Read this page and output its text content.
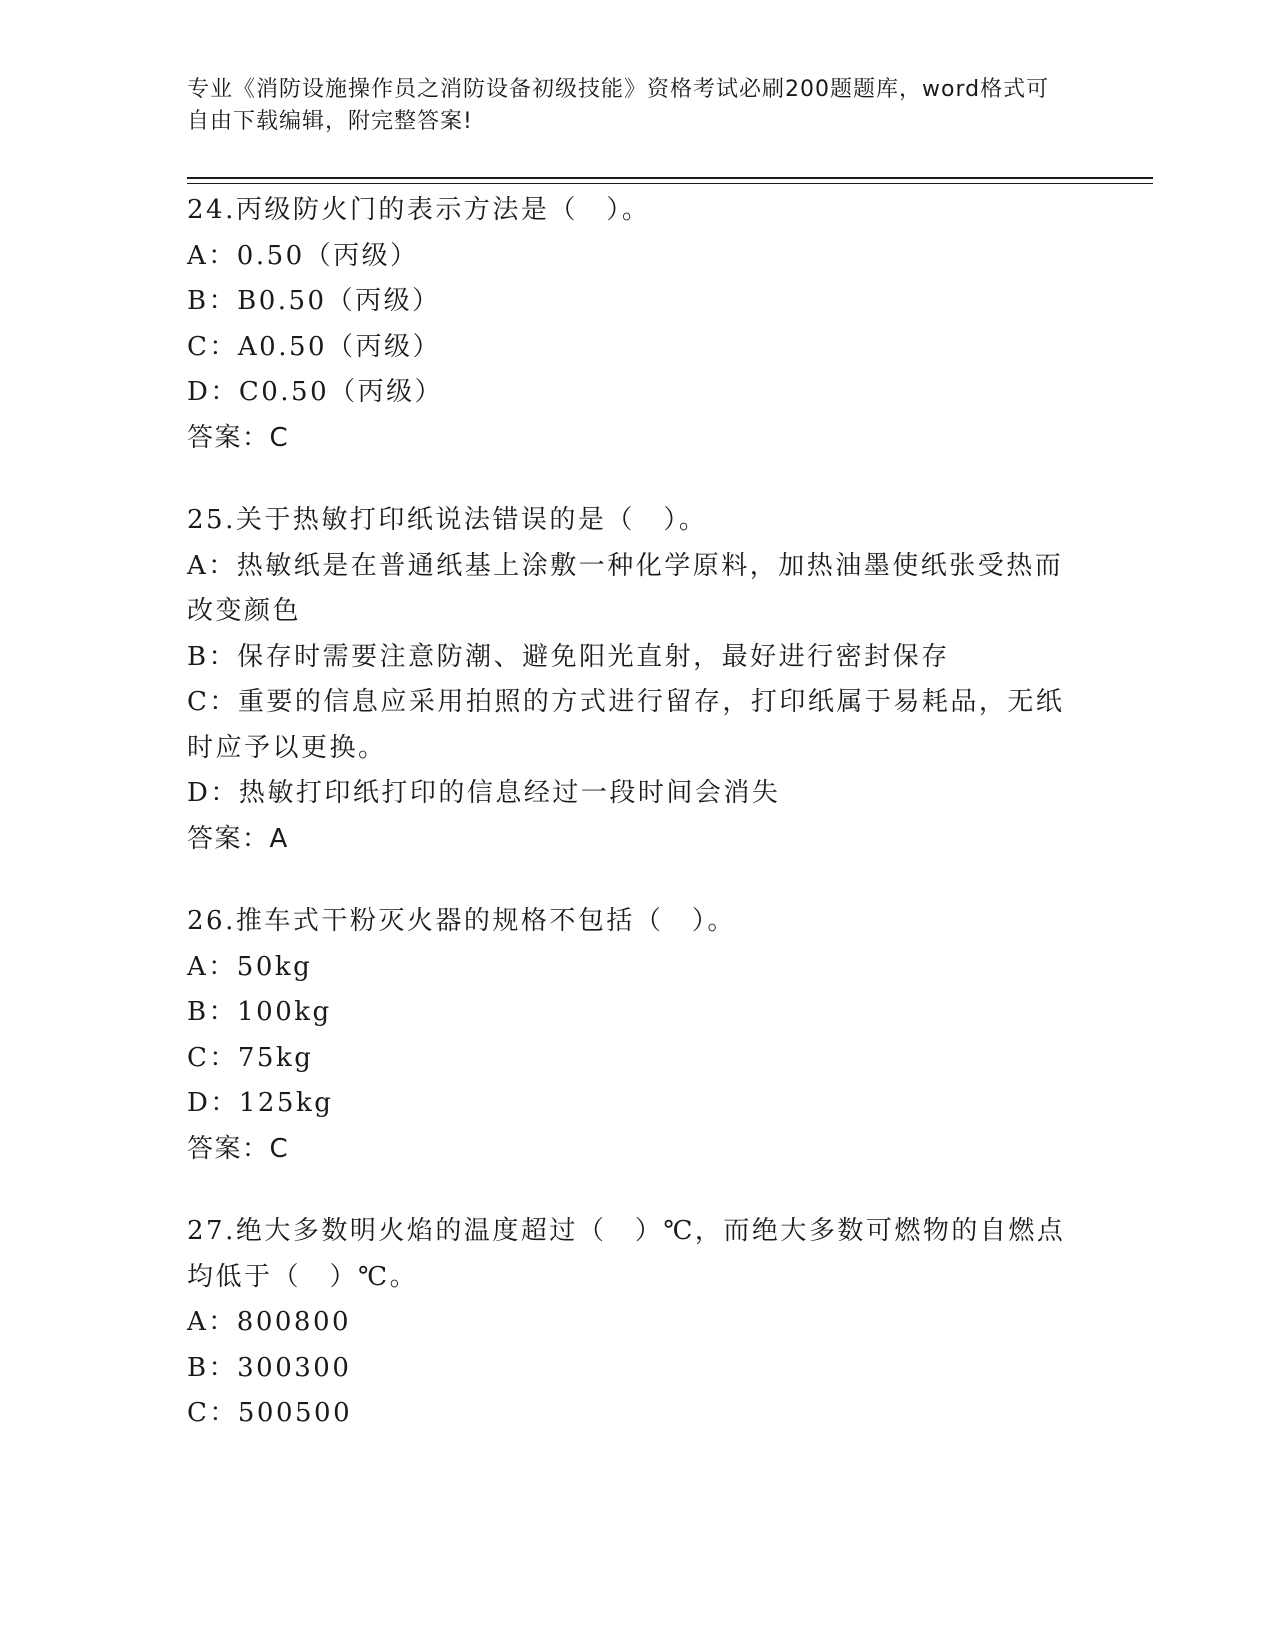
专业《消防设施操作员之消防设备初级技能》资格考试必刷200题题库，word格式可自由下载编辑，附完整答案!
24.丙级防火门的表示方法是（　）。
A：0.50（丙级）
B：B0.50（丙级）
C：A0.50（丙级）
D：C0.50（丙级）
答案：C
25.关于热敏打印纸说法错误的是（　）。
A：热敏纸是在普通纸基上涂敷一种化学原料，加热油墨使纸张受热而改变颜色
B：保存时需要注意防潮、避免阳光直射，最好进行密封保存
C：重要的信息应采用拍照的方式进行留存，打印纸属于易耗品，无纸时应予以更换。
D：热敏打印纸打印的信息经过一段时间会消失
答案：A
26.推车式干粉灭火器的规格不包括（　）。
A：50kg
B：100kg
C：75kg
D：125kg
答案：C
27.绝大多数明火焰的温度超过（　）℃，而绝大多数可燃物的自燃点均低于（　）℃。
A：800800
B：300300
C：500500
